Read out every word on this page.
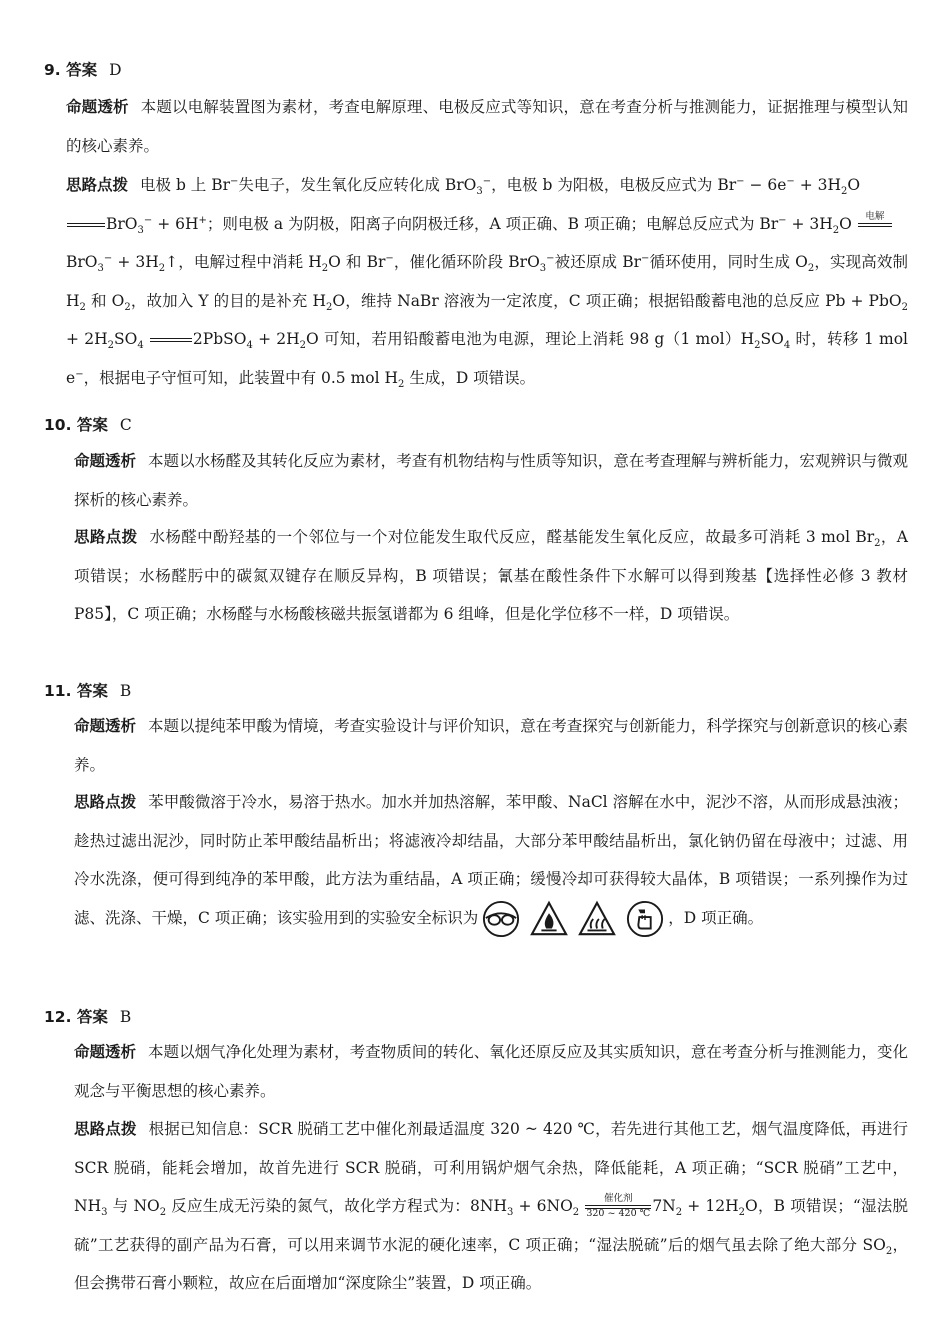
9. 答案 D
命题透析 本题以电解装置图为素材，考查电解原理、电极反应式等知识，意在考查分析与推测能力，证据推理与模型认知的核心素养。
思路点拨 电极 b 上 Br−失电子，发生氧化反应转化成 BrO$_3$−，电极 b 为阳极，电极反应式为 $Br^- - 6e^- + 3H_2O$

BrO$_3$− + 6H+；则电极 a 为阴极，阳离子向阴极迁移，A 项正确、B 项正确；电解总反应式为 $Br^- + 3H_2O$	电解

$BrO_3^- + 3H_2↑$，电解过程中消耗 $H_2O$ 和 Br−，催化循环阶段 BrO$_3$−被还原成 Br−循环使用，同时生成 $O_2$，实现高效制 $H_2$ 和 $O_2$，故加入 Y 的目的是补充 $H_2O$，维持 NaBr 溶液为一定浓度，C 项正确；根据铅酸蓄电池的总反应 $Pb + PbO_2 + 2H_2SO_4$	2PbSO$_4$ + $2H_2O$ 可知，若用铅酸蓄电池为电源，理论上消耗 98 g（1 $mol)H_2SO_4$ 时，转移 1 mol e−，根据电子守恒可知，此装置中有 0.5 mol $H_2$ 生成，D 项错误。
10. 答案 C
命题透析 本题以水杨醛及其转化反应为素材，考查有机物结构与性质等知识，意在考查理解与辨析能力，宏观辨识与微观探析的核心素养。
思路点拨 水杨醛中酚羟基的一个邻位与一个对位能发生取代反应，醛基能发生氧化反应，故最多可消耗 3 mol $Br_2$，A 项错误；水杨醛肟中的碳氮双键存在顺反异构，B 项错误；氰基在酸性条件下水解可以得到羧基【选择性必修 3 教材 P85】，C 项正确；水杨醛与水杨酸核磁共振氢谱都为 6 组峰，但是化学位移不一样，D 项错误。
11. 答案 B
命题透析 本题以提纯苯甲酸为情境，考查实验设计与评价知识，意在考查探究与创新能力，科学探究与创新意识的核心素养。
思路点拨 苯甲酸微溶于冷水，易溶于热水。加水并加热溶解，苯甲酸、NaCl 溶解在水中，泥沙不溶，从而形成悬浊液；趁热过滤出泥沙，同时防止苯甲酸结晶析出；将滤液冷却结晶，大部分苯甲酸结晶析出，氯化钠仍留在母液中；过滤、用冷水洗涤，便可得到纯净的苯甲酸，此方法为重结晶，A 项正确；缓慢冷却可获得较大晶体，B 项错误；一系列操作为过滤、洗涤、干燥，C 项正确；该实验用到的实验安全标识为	，D 项正确。
12. 答案 B
命题透析 本题以烟气净化处理为素材，考查物质间的转化、氧化还原反应及其实质知识，意在考查分析与推测能力，变化观念与平衡思想的核心素养。
思路点拨 根据已知信息：SCR 脱硝工艺中催化剂最适温度 320 ~ 420 ℃，若先进行其他工艺，烟气温度降低，再进行 SCR 脱硝，能耗会增加，故首先进行 SCR 脱硝，可利用锅炉烟气余热，降低能耗，A 项正确；“SCR 脱硝”工艺中，$NH_3$ 与 $NO_2$ 反应生成无污染的氮气，故化学方程式为：$8NH_3 + 6NO_2$
催化剂
320 ~ 420 ℃ $7N_2 + 12H_2O$，B 项错误；“湿法脱硫”工艺获得的副产品为石膏，可以用来调节水泥的硬化速率，C 项正确；“湿法脱硫”后的烟气虽去除了绝大部分 $SO_2$，但会携带石膏小颗粒，故应在后面增加“深度除尘”装置，D 项正确。
